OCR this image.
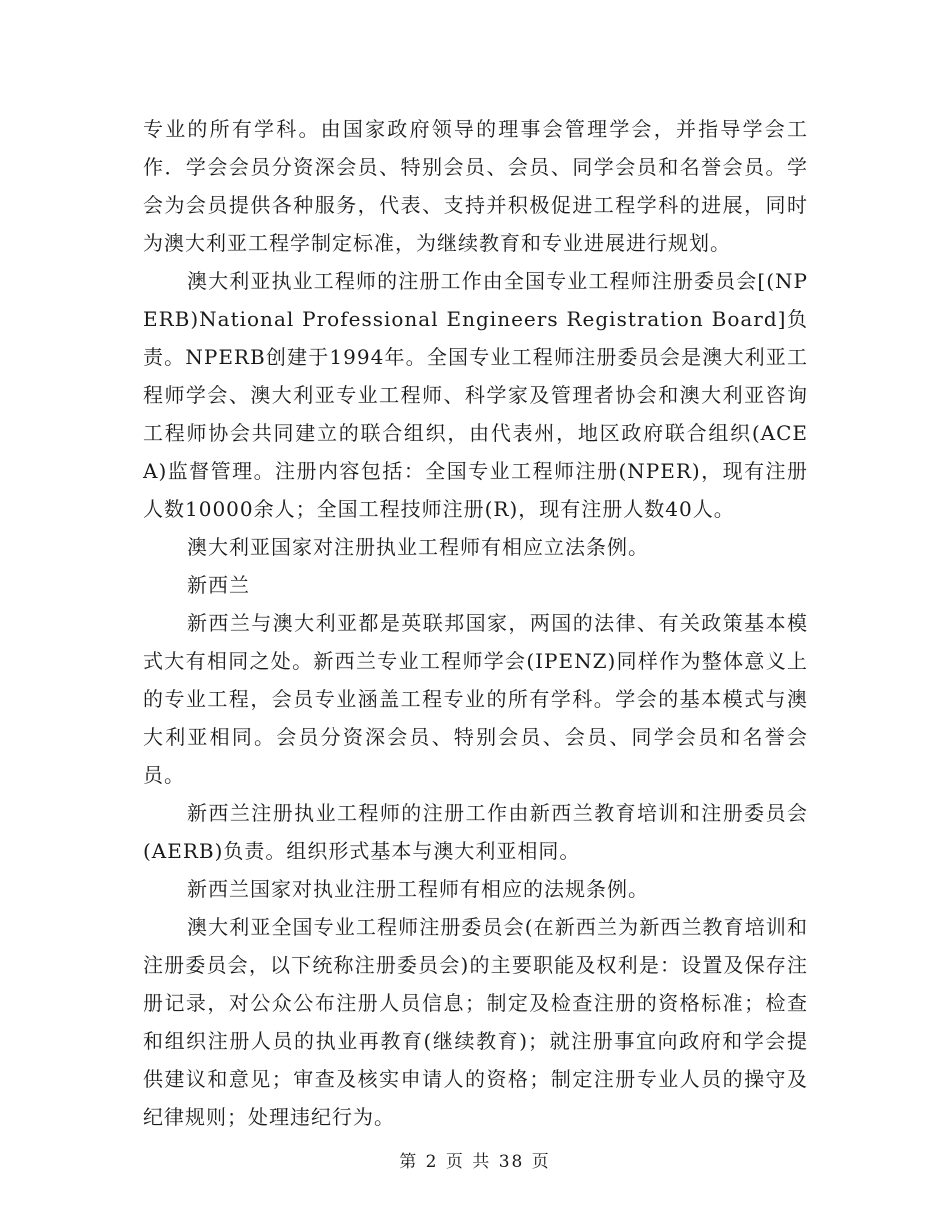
专业的所有学科。由国家政府领导的理事会管理学会，并指导学会工作．学会会员分资深会员、特别会员、会员、同学会员和名誉会员。学会为会员提供各种服务，代表、支持并积极促进工程学科的进展，同时为澳大利亚工程学制定标准，为继续教育和专业进展进行规划。

澳大利亚执业工程师的注册工作由全国专业工程师注册委员会[(NPERB)National Professional Engineers Registration Board]负责。NPERB创建于1994年。全国专业工程师注册委员会是澳大利亚工程师学会、澳大利亚专业工程师、科学家及管理者协会和澳大利亚咨询工程师协会共同建立的联合组织，由代表州，地区政府联合组织(ACEA)监督管理。注册内容包括：全国专业工程师注册(NPER)，现有注册人数10000余人；全国工程技师注册(R)，现有注册人数40人。

澳大利亚国家对注册执业工程师有相应立法条例。

新西兰

新西兰与澳大利亚都是英联邦国家，两国的法律、有关政策基本模式大有相同之处。新西兰专业工程师学会(IPENZ)同样作为整体意义上的专业工程，会员专业涵盖工程专业的所有学科。学会的基本模式与澳大利亚相同。会员分资深会员、特别会员、会员、同学会员和名誉会员。

新西兰注册执业工程师的注册工作由新西兰教育培训和注册委员会(AERB)负责。组织形式基本与澳大利亚相同。

新西兰国家对执业注册工程师有相应的法规条例。

澳大利亚全国专业工程师注册委员会(在新西兰为新西兰教育培训和注册委员会，以下统称注册委员会)的主要职能及权利是：设置及保存注册记录，对公众公布注册人员信息；制定及检查注册的资格标准；检查和组织注册人员的执业再教育(继续教育)；就注册事宜向政府和学会提供建议和意见；审查及核实申请人的资格；制定注册专业人员的操守及纪律规则；处理违纪行为。

第 2 页 共 38 页
